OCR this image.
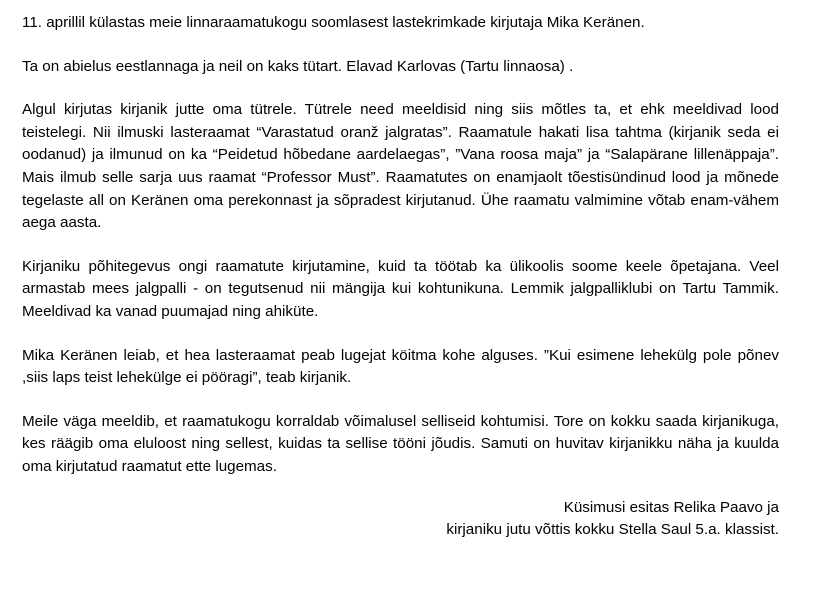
11. aprillil külastas meie linnaraamatukogu soomlasest lastekrimkade kirjutaja Mika Keränen.

Ta on abielus eestlannaga ja neil on kaks tütart. Elavad Karlovas (Tartu linnaosa) .

Algul kirjutas kirjanik jutte oma tütrele. Tütrele need meeldisid ning siis mõtles ta, et ehk meeldivad lood teistelegi. Nii ilmuski lasteraamat “Varastatud oranž jalgratas”. Raamatule hakati lisa tahtma (kirjanik seda ei oodanud) ja ilmunud on ka “Peidetud hõbedane aardelaegas”, ”Vana roosa maja” ja “Salapärane lillenäppaja”. Mais ilmub selle sarja uus raamat “Professor Must”. Raamatutes on enamjaolt tõestisündinud lood ja mõnede tegelaste all on Keränen oma perekonnast ja sõpradest kirjutanud. Ühe raamatu valmimine võtab enam-vähem aega aasta.

Kirjaniku põhitegevus ongi raamatute kirjutamine, kuid ta töötab ka ülikoolis soome keele õpetajana. Veel armastab mees jalgpalli - on tegutsenud nii mängija kui kohtunikuna. Lemmik jalgpalliklubi on Tartu Tammik. Meeldivad ka vanad puumajad ning ahiküte.

Mika Keränen leiab, et hea lasteraamat peab lugejat köitma kohe alguses. ”Kui esimene lehekülg pole põnev ,siis laps teist lehekülge ei pööragi”, teab kirjanik.

Meile väga meeldib, et raamatukogu korraldab võimalusel selliseid kohtumisi. Tore on kokku saada kirjanikuga, kes räägib oma eluloost ning sellest, kuidas ta sellise tööni jõudis. Samuti on huvitav kirjanikku näha ja kuulda oma kirjutatud raamatut ette lugemas.

Küsimusi esitas Relika Paavo ja
kirjaniku jutu võttis kokku Stella Saul 5.a. klassist.
